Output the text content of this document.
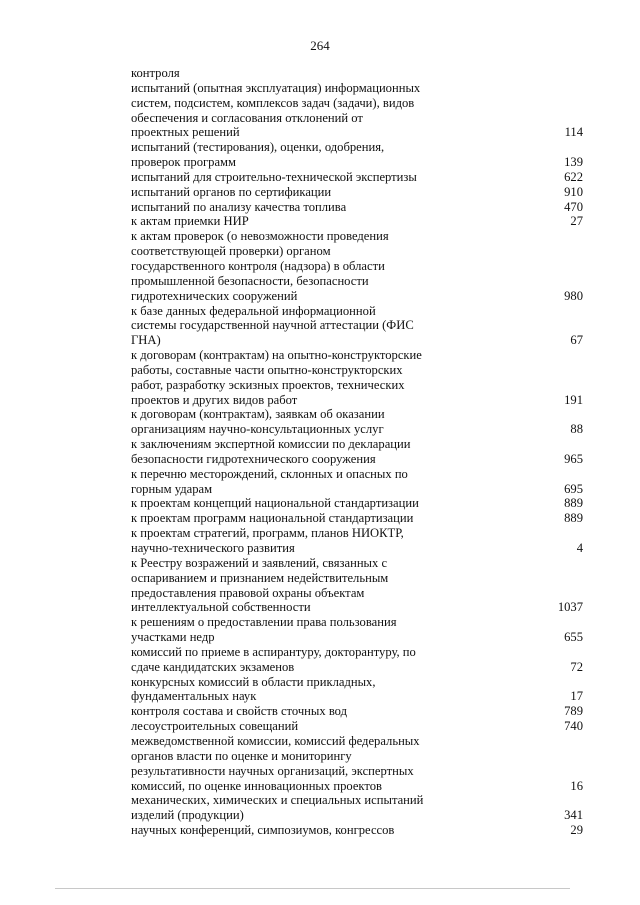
264
контроля
испытаний (опытная эксплуатация) информационных
систем, подсистем, комплексов задач (задачи), видов
обеспечения и согласования отклонений от
проектных решений	114
испытаний (тестирования), оценки, одобрения,
проверок программ	139
испытаний для строительно-технической экспертизы	622
испытаний органов по сертификации	910
испытаний по анализу качества топлива	470
к актам приемки НИР	27
к актам проверок (о невозможности проведения
соответствующей проверки) органом
государственного контроля (надзора) в области
промышленной безопасности, безопасности
гидротехнических сооружений	980
к базе данных федеральной информационной
системы государственной научной аттестации (ФИС
ГНА)	67
к договорам (контрактам) на опытно-конструкторские
работы, составные части опытно-конструкторских
работ, разработку эскизных проектов, технических
проектов и других видов работ	191
к договорам (контрактам), заявкам об оказании
организациям научно-консультационных услуг	88
к заключениям экспертной комиссии по декларации
безопасности гидротехнического сооружения	965
к перечню месторождений, склонных и опасных по
горным ударам	695
к проектам концепций национальной стандартизации	889
к проектам программ национальной стандартизации	889
к проектам стратегий, программ, планов НИОКТР,
научно-технического развития	4
к Реестру возражений и заявлений, связанных с
оспариванием и признанием недействительным
предоставления правовой охраны объектам
интеллектуальной собственности	1037
к решениям о предоставлении права пользования
участками недр	655
комиссий по приеме в аспирантуру, докторантуру, по
сдаче кандидатских экзаменов	72
конкурсных комиссий в области прикладных,
фундаментальных наук	17
контроля состава и свойств сточных вод	789
лесоустроительных совещаний	740
межведомственной комиссии, комиссий федеральных
органов власти по оценке и мониторингу
результативности научных организаций, экспертных
комиссий, по оценке инновационных проектов	16
механических, химических и специальных испытаний
изделий (продукции)	341
научных конференций, симпозиумов, конгрессов	29
